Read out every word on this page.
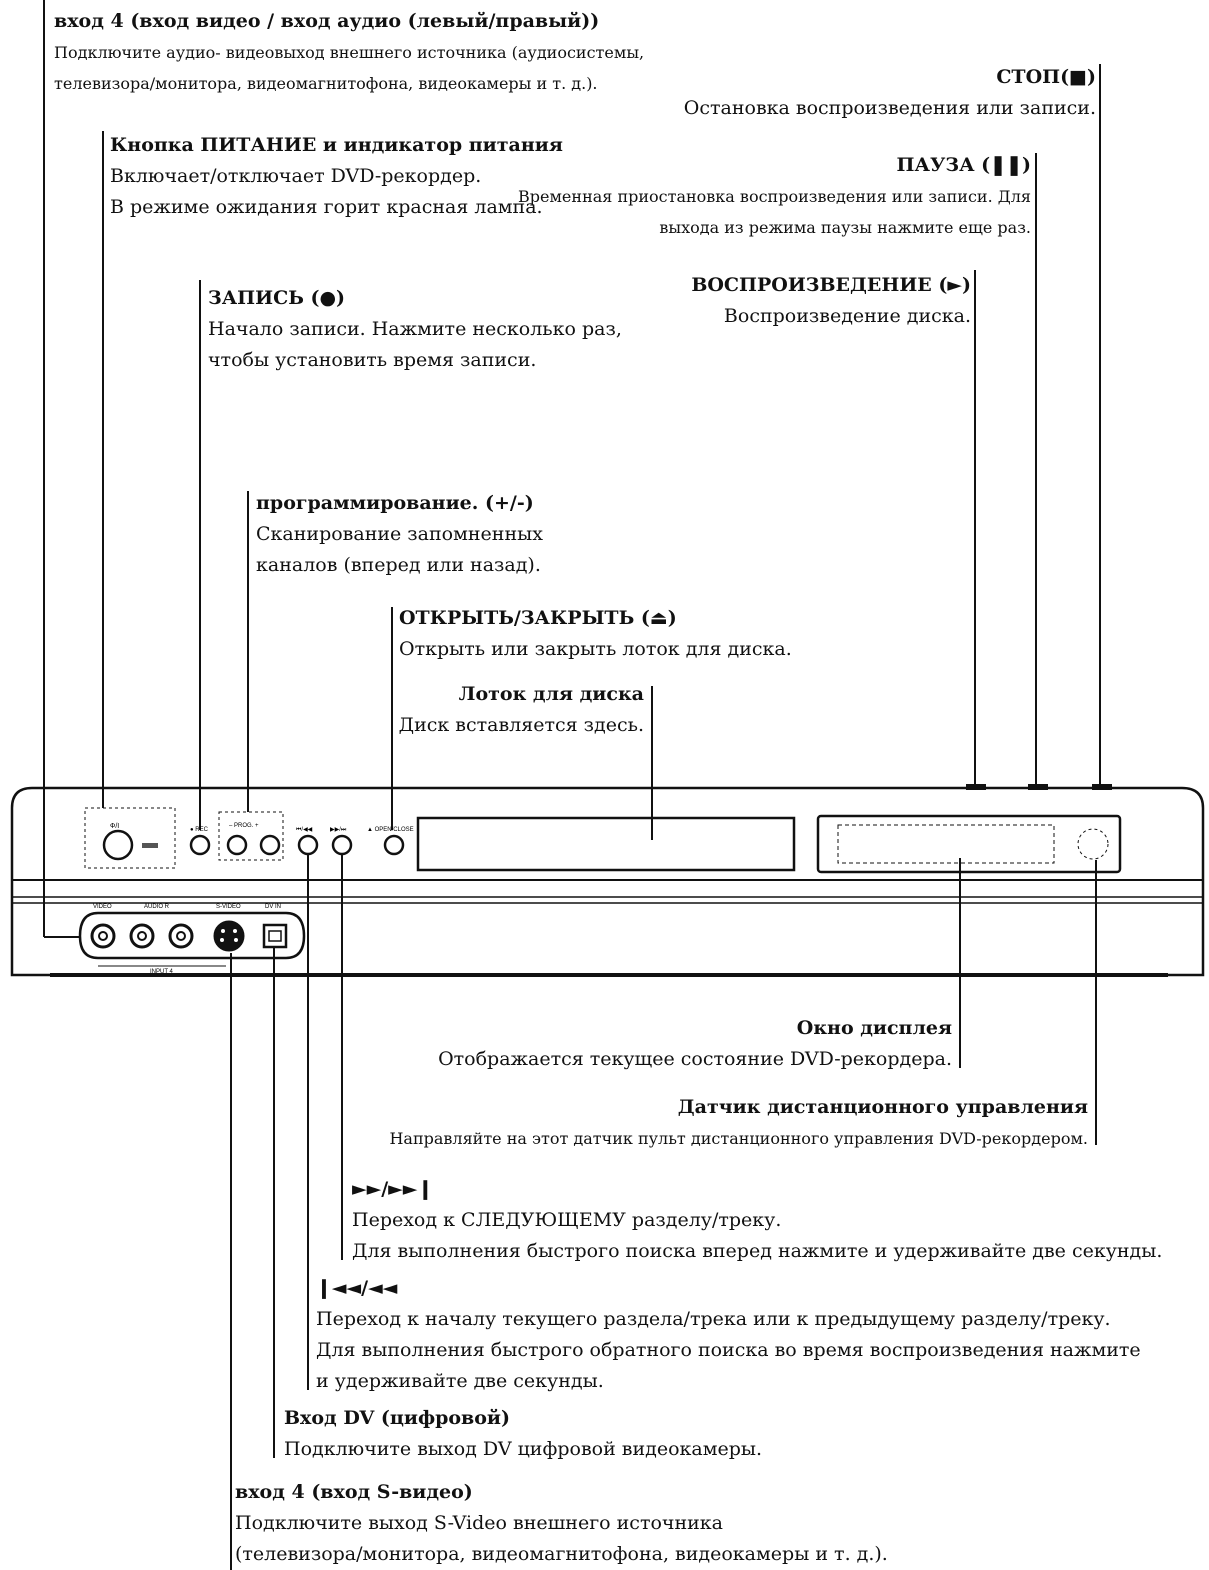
Ф/I	● REC
– PROG. +
⏮/◀◀	▶▶/⏭	▲ OPEN/CLOSE
VIDEO	AUDIO R	S-VIDEO	DV IN
INPUT 4
вход 4 (вход видео / вход аудио (левый/правый))
Подключите аудио- видеовыход внешнего источника (аудиосистемы,
телевизора/монитора, видеомагнитофона, видеокамеры и т. д.).
Кнопка ПИТАНИЕ и индикатор питания
Включает/отключает DVD-рекордер.
В режиме ожидания горит красная лампа.
ЗАПИСЬ (●)
Начало записи. Нажмите несколько раз,
чтобы установить время записи.
программирование. (+/-)
Сканирование запомненных
каналов (вперед или назад).
ОТКРЫТЬ/ЗАКРЫТЬ (⏏)
Открыть или закрыть лоток для диска.
Лоток для диска
Диск вставляется здесь.
СТОП(■)
Остановка воспроизведения или записи.
ПАУЗА (❚❚)
Временная приостановка воспроизведения или записи. Для
выхода из режима паузы нажмите еще раз.
ВОСПРОИЗВЕДЕНИЕ (►)
Воспроизведение диска.
Окно дисплея
Отображается текущее состояние DVD-рекордера.
Датчик дистанционного управления
Направляйте на этот датчик пульт дистанционного управления DVD-рекордером.
►►/►►❙
Переход к СЛЕДУЮЩЕМУ разделу/треку.
Для выполнения быстрого поиска вперед нажмите и удерживайте две секунды.
❙◄◄/◄◄
Переход к началу текущего раздела/трека или к предыдущему разделу/треку.
Для выполнения быстрого обратного поиска во время воспроизведения нажмите
и удерживайте две секунды.
Вход DV (цифровой)
Подключите выход DV цифровой видеокамеры.
вход 4 (вход S-видео)
Подключите выход S-Video внешнего источника
(телевизора/монитора, видеомагнитофона, видеокамеры и т. д.).
